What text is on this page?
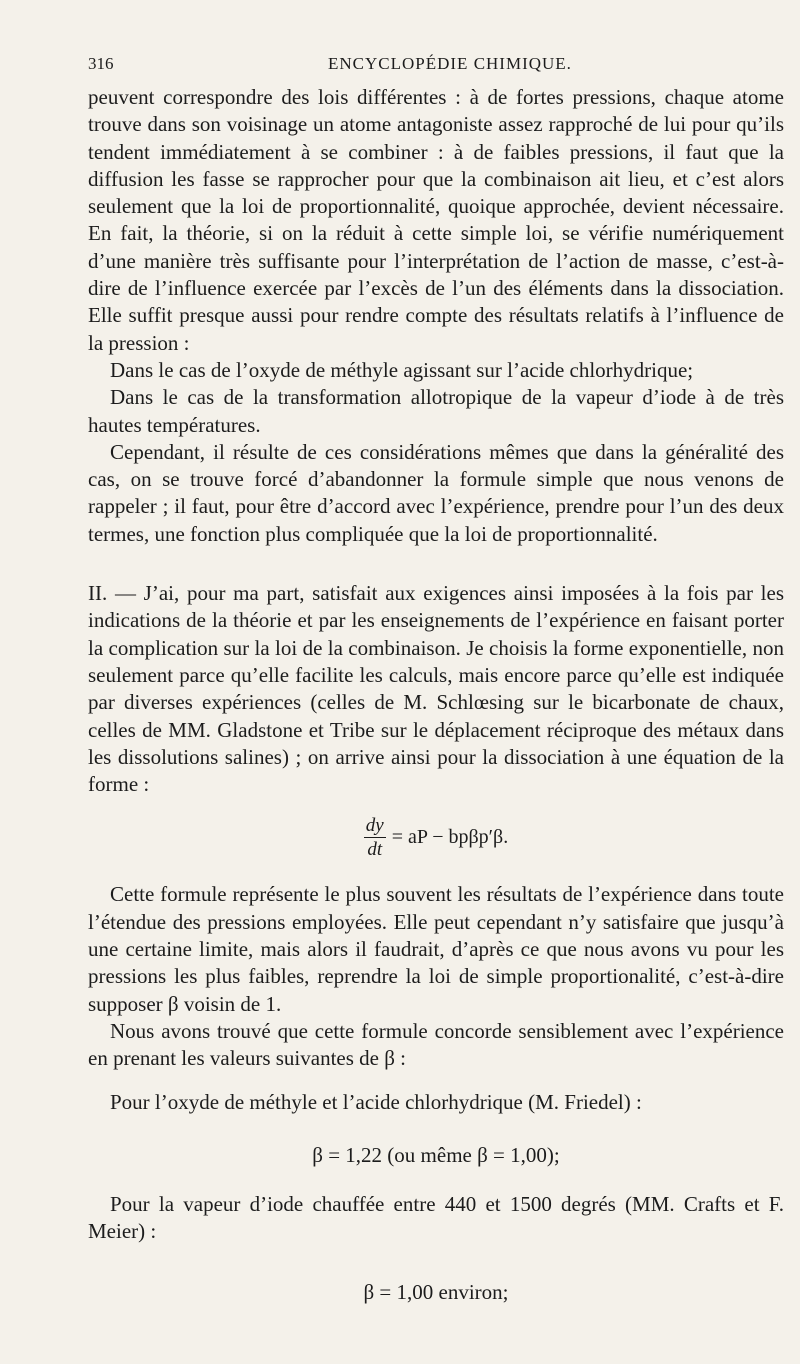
316	ENCYCLOPÉDIE CHIMIQUE.

peuvent correspondre des lois différentes : à de fortes pressions, chaque atome trouve dans son voisinage un atome antagoniste assez rapproché de lui pour qu’ils tendent immédiatement à se combiner : à de faibles pressions, il faut que la diffusion les fasse se rapprocher pour que la combinaison ait lieu, et c’est alors seulement que la loi de proportionnalité, quoique approchée, devient nécessaire. En fait, la théorie, si on la réduit à cette simple loi, se vérifie numériquement d’une manière très suffisante pour l’interprétation de l’action de masse, c’est-à-dire de l’influence exercée par l’excès de l’un des éléments dans la dissociation. Elle suffit presque aussi pour rendre compte des résultats relatifs à l’influence de la pression :

Dans le cas de l’oxyde de méthyle agissant sur l’acide chlorhydrique;

Dans le cas de la transformation allotropique de la vapeur d’iode à de très hautes températures.

Cependant, il résulte de ces considérations mêmes que dans la généralité des cas, on se trouve forcé d’abandonner la formule simple que nous venons de rappeler ; il faut, pour être d’accord avec l’expérience, prendre pour l’un des deux termes, une fonction plus compliquée que la loi de proportionnalité.

II. — J’ai, pour ma part, satisfait aux exigences ainsi imposées à la fois par les indications de la théorie et par les enseignements de l’expérience en faisant porter la complication sur la loi de la combinaison. Je choisis la forme exponentielle, non seulement parce qu’elle facilite les calculs, mais encore parce qu’elle est indiquée par diverses expériences (celles de M. Schlœsing sur le bicarbonate de chaux, celles de MM. Gladstone et Tribe sur le déplacement réciproque des métaux dans les dissolutions salines) ; on arrive ainsi pour la dissociation à une équation de la forme :

$\frac{dy}{dt}$ = aP − bpβp′β.

Cette formule représente le plus souvent les résultats de l’expérience dans toute l’étendue des pressions employées. Elle peut cependant n’y satisfaire que jusqu’à une certaine limite, mais alors il faudrait, d’après ce que nous avons vu pour les pressions les plus faibles, reprendre la loi de simple proportionalité, c’est-à-dire supposer β voisin de 1.

Nous avons trouvé que cette formule concorde sensiblement avec l’expérience en prenant les valeurs suivantes de β :

Pour l’oxyde de méthyle et l’acide chlorhydrique (M. Friedel) :

β = 1,22 (ou même β = 1,00);

Pour la vapeur d’iode chauffée entre 440 et 1500 degrés (MM. Crafts et F. Meier) :

β = 1,00 environ;
